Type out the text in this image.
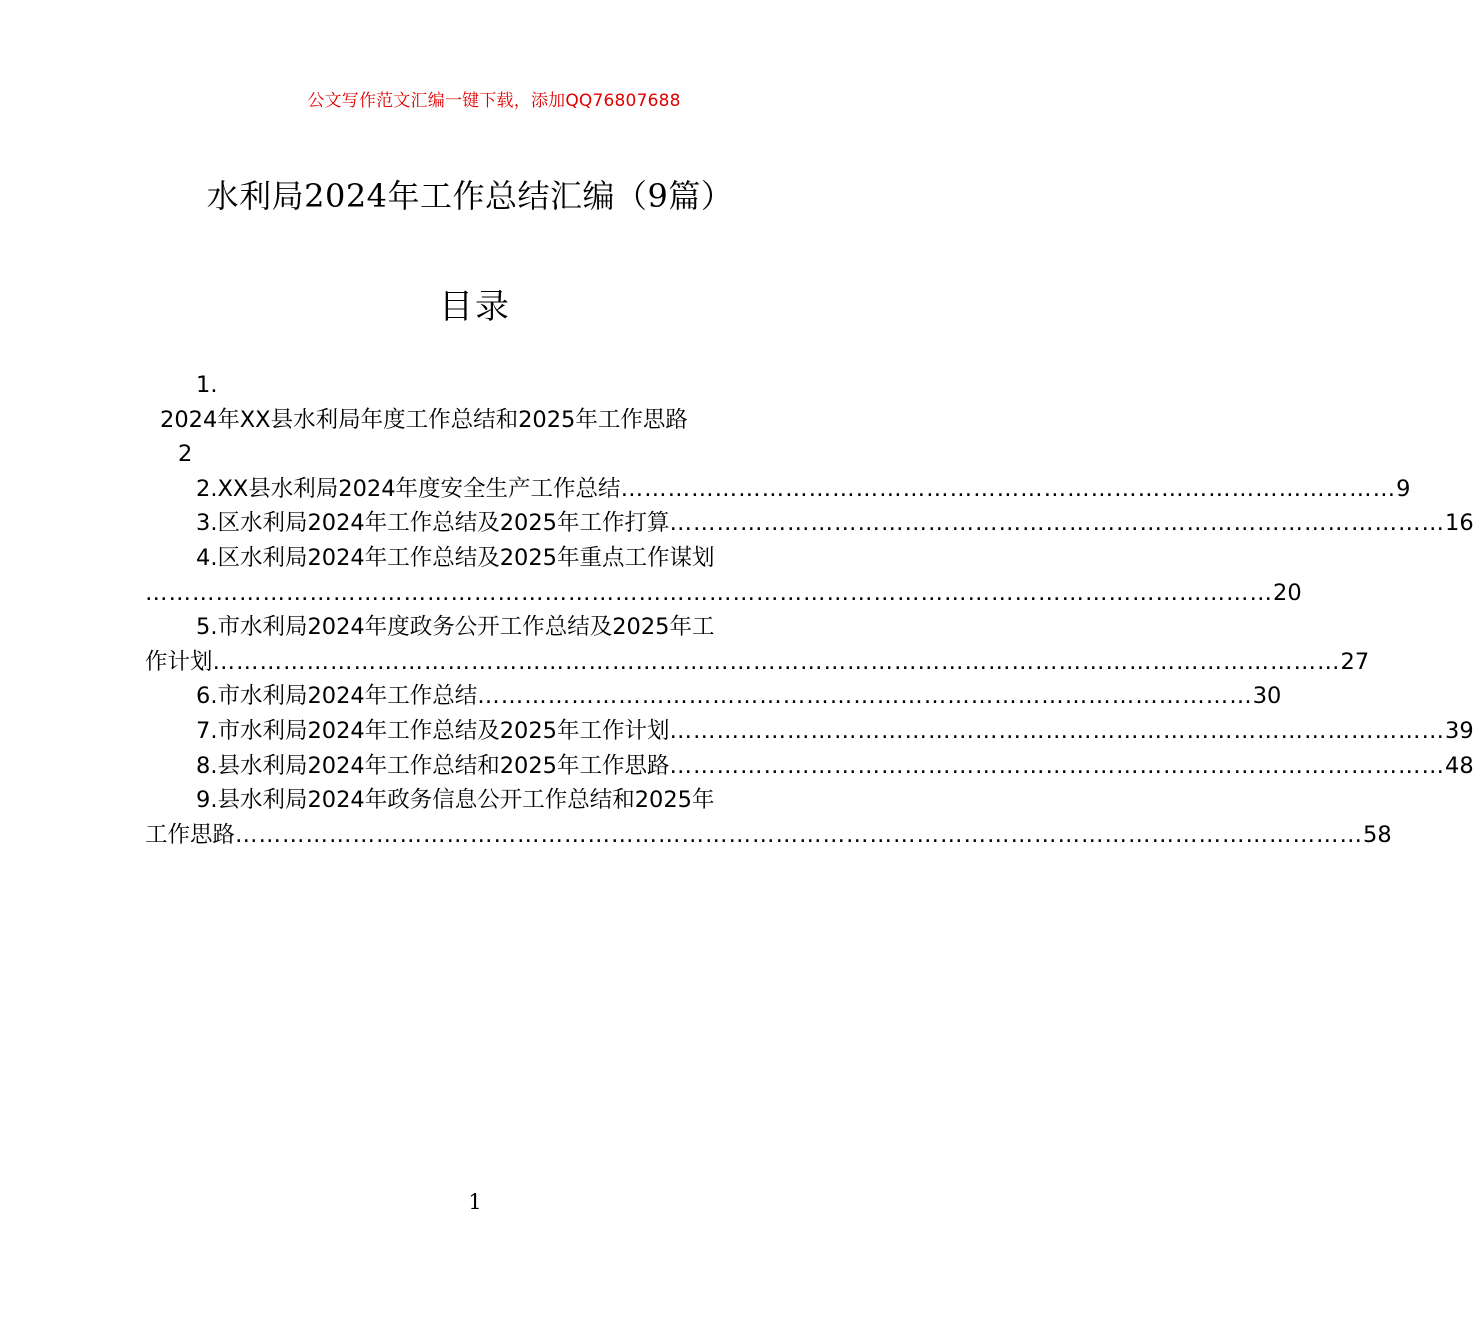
公文写作范文汇编一键下载，添加QQ76807688
水利局2024年工作总结汇编（9篇）
目录
1.
2024年XX县水利局年度工作总结和2025年工作思路
2
2.XX县水利局2024年度安全生产工作总结 ……………………………………………………………………………………… 9
3.区水利局2024年工作总结及2025年工作打算 ……………………………………………………………………………………… 16
4.区水利局2024年工作总结及2025年重点工作谋划
……………………………………………………………………………………………………………………………… 20
5.市水利局2024年度政务公开工作总结及2025年工
作计划 ……………………………………………………………………………………………………………………………… 27
6.市水利局2024年工作总结 ……………………………………………………………………………………… 30
7.市水利局2024年工作总结及2025年工作计划 ……………………………………………………………………………………… 39
8.县水利局2024年工作总结和2025年工作思路 ……………………………………………………………………………………… 48
9.县水利局2024年政务信息公开工作总结和2025年
工作思路 ……………………………………………………………………………………………………………………………… 58
1
